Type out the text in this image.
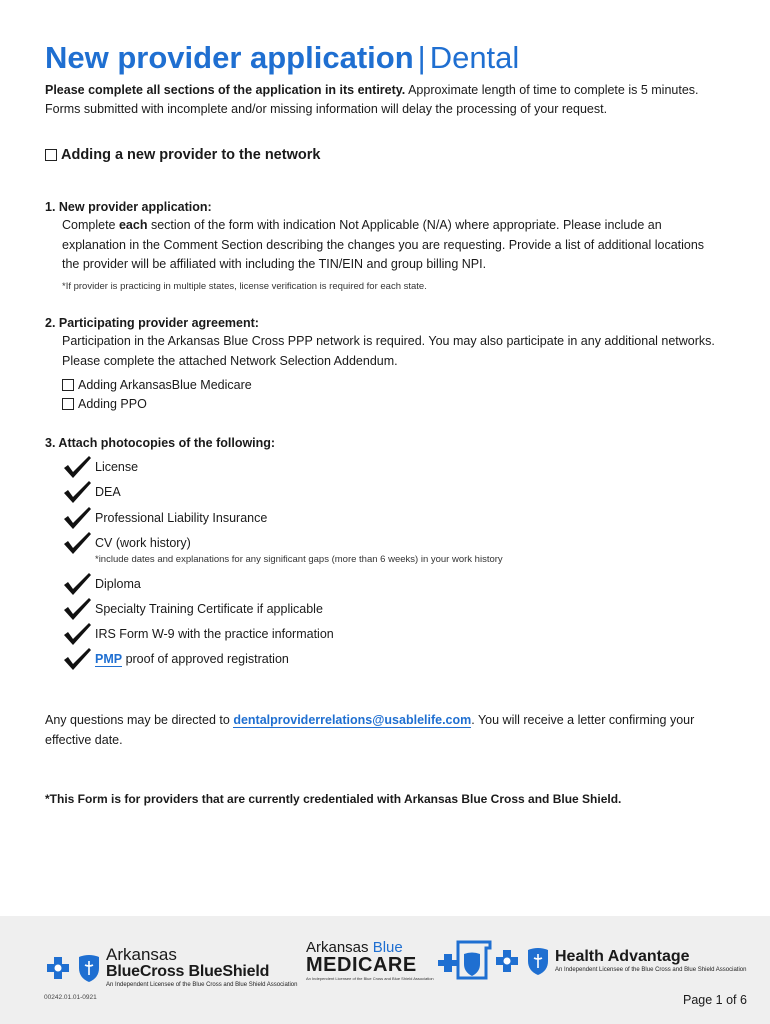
New provider application | Dental

Please complete all sections of the application in its entirety. Approximate length of time to complete is 5 minutes. Forms submitted with incomplete and/or missing information will delay the processing of your request.

Adding a new provider to the network
1. New provider application:

Complete each section of the form with indication Not Applicable (N/A) where appropriate. Please include an explanation in the Comment Section describing the changes you are requesting. Provide a list of additional locations the provider will be affiliated with including the TIN/EIN and group billing NPI.

*If provider is practicing in multiple states, license verification is required for each state.
2. Participating provider agreement:

Participation in the Arkansas Blue Cross PPP network is required. You may also participate in any additional networks. Please complete the attached Network Selection Addendum.

Adding ArkansasBlue Medicare
Adding PPO
3. Attach photocopies of the following:
License
DEA
Professional Liability Insurance
CV (work history)
*include dates and explanations for any significant gaps (more than 6 weeks) in your work history
Diploma
Specialty Training Certificate if applicable
IRS Form W-9 with the practice information
PMP proof of approved registration

Any questions may be directed to dentalproviderrelations@usablelife.com. You will receive a letter confirming your effective date.

*This Form is for providers that are currently credentialed with Arkansas Blue Cross and Blue Shield.

Arkansas
BlueCross BlueShield
An Independent Licensee of the Blue Cross and Blue Shield Association
Arkansas Blue
MEDICARE
An Independent Licensee of the Blue Cross and Blue Shield Association
Health Advantage
An Independent Licensee of the Blue Cross and Blue Shield Association
00242.01.01-0921	Page 1 of 6
